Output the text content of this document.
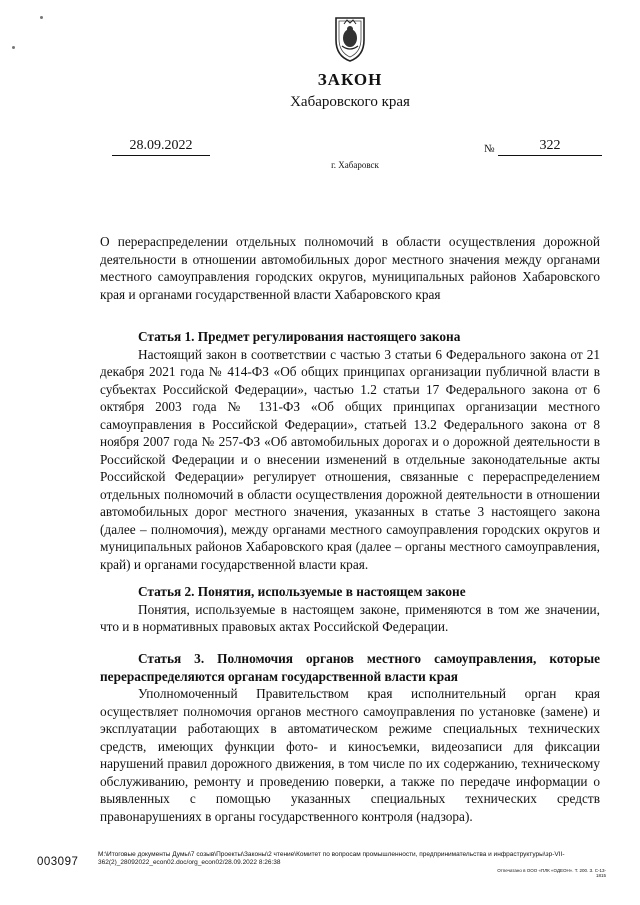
ЗАКОН
Хабаровского края
28.09.2022	№	322
г. Хабаровск
О перераспределении отдельных полномочий в области осуществления дорожной деятельности в отношении автомобильных дорог местного значения между органами местного самоуправления городских округов, муниципальных районов Хабаровского края и органами государственной власти Хабаровского края
Статья 1. Предмет регулирования настоящего закона

Настоящий закон в соответствии с частью 3 статьи 6 Федерального закона от 21 декабря 2021 года № 414-ФЗ «Об общих принципах организации публичной власти в субъектах Российской Федерации», частью 1.2 статьи 17 Федерального закона от 6 октября 2003 года № 131-ФЗ «Об общих принципах организации местного самоуправления в Российской Федерации», статьей 13.2 Федерального закона от 8 ноября 2007 года № 257-ФЗ «Об автомобильных дорогах и о дорожной деятельности в Российской Федерации и о внесении изменений в отдельные законодательные акты Российской Федерации» регулирует отношения, связанные с перераспределением отдельных полномочий в области осуществления дорожной деятельности в отношении автомобильных дорог местного значения, указанных в статье 3 настоящего закона (далее – полномочия), между органами местного самоуправления городских округов и муниципальных районов Хабаровского края (далее – органы местного самоуправления, край) и органами государственной власти края.

Статья 2. Понятия, используемые в настоящем законе

Понятия, используемые в настоящем законе, применяются в том же значении, что и в нормативных правовых актах Российской Федерации.

Статья 3. Полномочия органов местного самоуправления, которые перераспределяются органам государственной власти края

Уполномоченный Правительством края исполнительный орган края осуществляет полномочия органов местного самоуправления по установке (замене) и эксплуатации работающих в автоматическом режиме специальных технических средств, имеющих функции фото- и киносъемки, видеозаписи для фиксации нарушений правил дорожного движения, в том числе по их содержанию, техническому обслуживанию, ремонту и проведению поверки, а также по передаче информации о выявленных с помощью указанных специальных технических средств правонарушениях в органы государственного контроля (надзора).

003097
М:\Итоговые документы Думы\7 созыв\Проекты\Законы\2 чтение\Комитет по вопросам промышленности, предпринимательства и инфраструктуры\зр-VII-362(2)_28092022_econ02.doc/org_econ02/28.09.2022 8:26:38
Отпечатано в ООО «ПЛК «ОДЕОН». Т. 200. З. С-13-1815
